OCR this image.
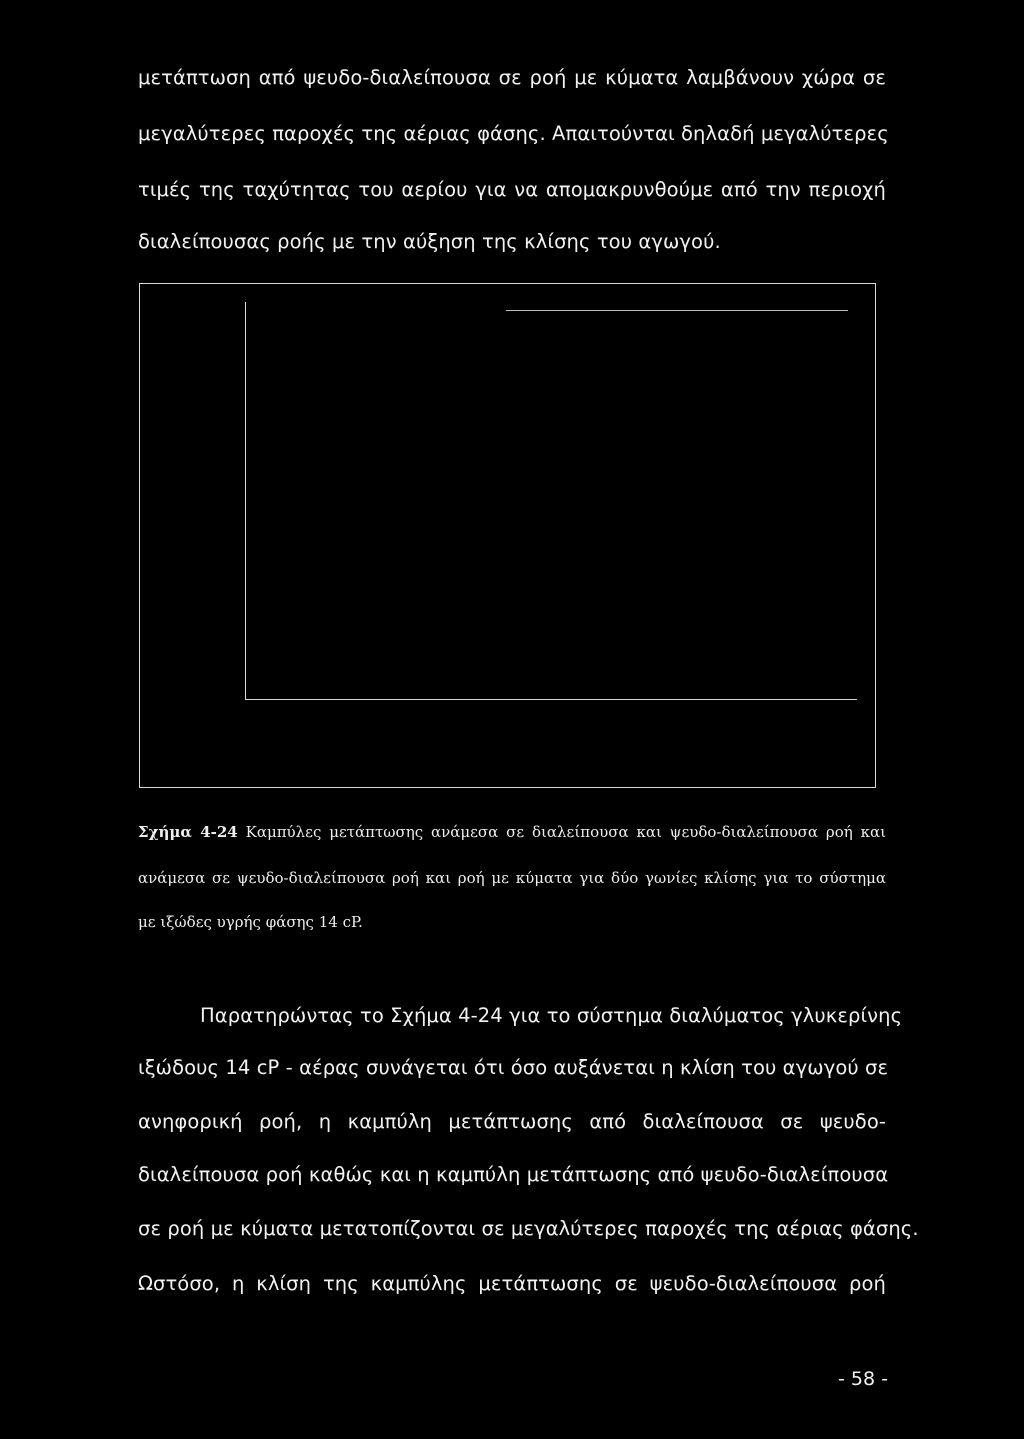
μετάπτωση από ψευδο-διαλείπουσα σε ροή με κύματα λαμβάνουν χώρα σε

μεγαλύτερες παροχές της αέριας φάσης. Απαιτούνται δηλαδή μεγαλύτερες

τιμές της ταχύτητας του αερίου για να απομακρυνθούμε από την περιοχή

διαλείπουσας ροής με την αύξηση της κλίσης του αγωγού.

Σχήμα 4-24 Καμπύλες μετάπτωσης ανάμεσα σε διαλείπουσα και ψευδο-διαλείπουσα ροή και

ανάμεσα σε ψευδο-διαλείπουσα ροή και ροή με κύματα για δύο γωνίες κλίσης για το σύστημα

με ιξώδες υγρής φάσης 14 cP.

Παρατηρώντας το Σχήμα 4-24 για το σύστημα διαλύματος γλυκερίνης

ιξώδους 14 cP - αέρας συνάγεται ότι όσο αυξάνεται η κλίση του αγωγού σε

ανηφορική ροή, η καμπύλη μετάπτωσης από διαλείπουσα σε ψευδο-

διαλείπουσα ροή καθώς και η καμπύλη μετάπτωσης από ψευδο-διαλείπουσα

σε ροή με κύματα μετατοπίζονται σε μεγαλύτερες παροχές της αέριας φάσης.

Ωστόσο, η κλίση της καμπύλης μετάπτωσης σε ψευδο-διαλείπουσα ροή

- 58 -
